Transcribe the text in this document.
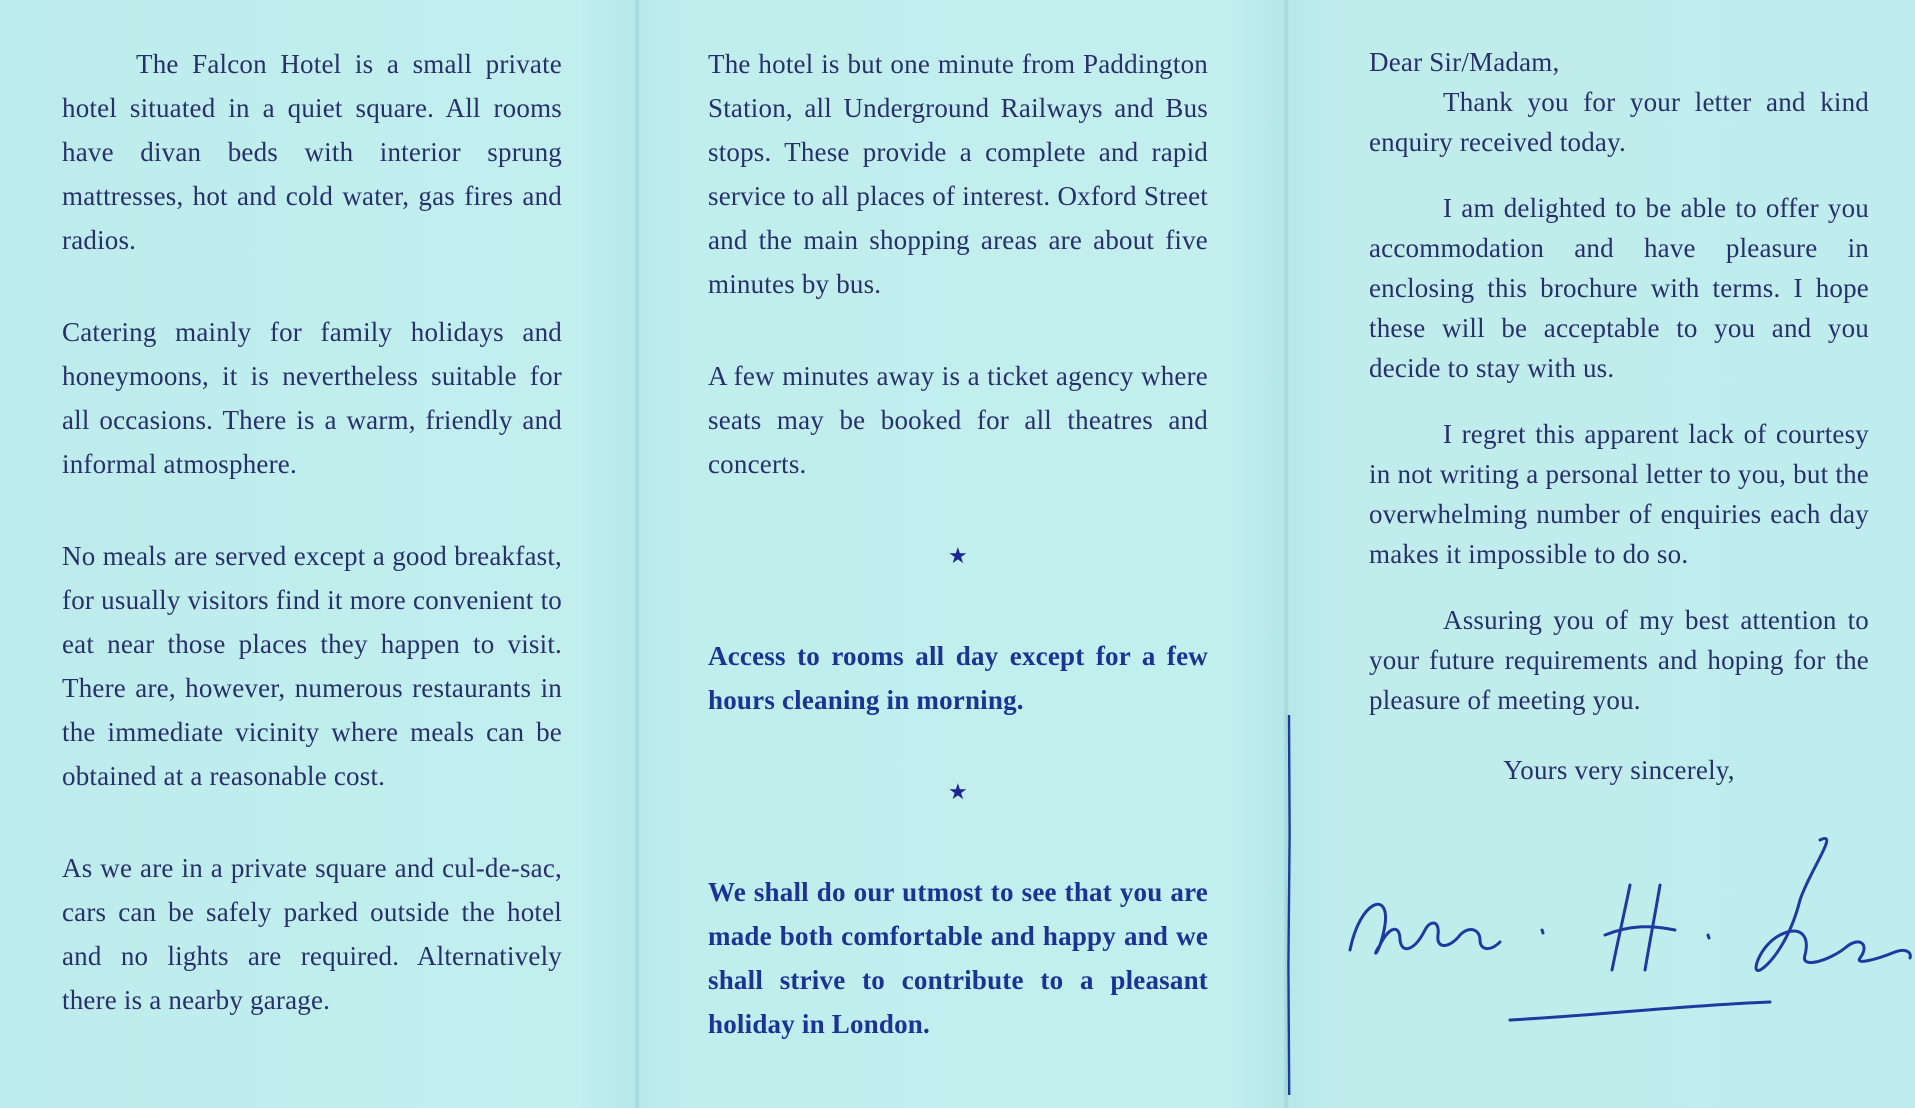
The Falcon Hotel is a small private hotel situated in a quiet square. All rooms have divan beds with interior sprung mattresses, hot and cold water, gas fires and radios.

Catering mainly for family holidays and honeymoons, it is nevertheless suitable for all occasions. There is a warm, friendly and informal atmosphere.

No meals are served except a good breakfast, for usually visitors find it more convenient to eat near those places they happen to visit. There are, however, numerous restaurants in the immediate vicinity where meals can be obtained at a reasonable cost.

As we are in a private square and cul-de-sac, cars can be safely parked outside the hotel and no lights are required. Alternatively there is a nearby garage.

The hotel is but one minute from Paddington Station, all Underground Railways and Bus stops. These provide a complete and rapid service to all places of interest. Oxford Street and the main shopping areas are about five minutes by bus.

A few minutes away is a ticket agency where seats may be booked for all theatres and concerts.

★

Access to rooms all day except for a few hours cleaning in morning.

★

We shall do our utmost to see that you are made both comfortable and happy and we shall strive to contribute to a pleasant holiday in London.

Dear Sir/Madam,

Thank you for your letter and kind enquiry received today.

I am delighted to be able to offer you accommodation and have pleasure in enclosing this brochure with terms. I hope these will be acceptable to you and you decide to stay with us.

I regret this apparent lack of courtesy in not writing a personal letter to you, but the overwhelming number of enquiries each day makes it impossible to do so.

Assuring you of my best attention to your future requirements and hoping for the pleasure of meeting you.

Yours very sincerely,
